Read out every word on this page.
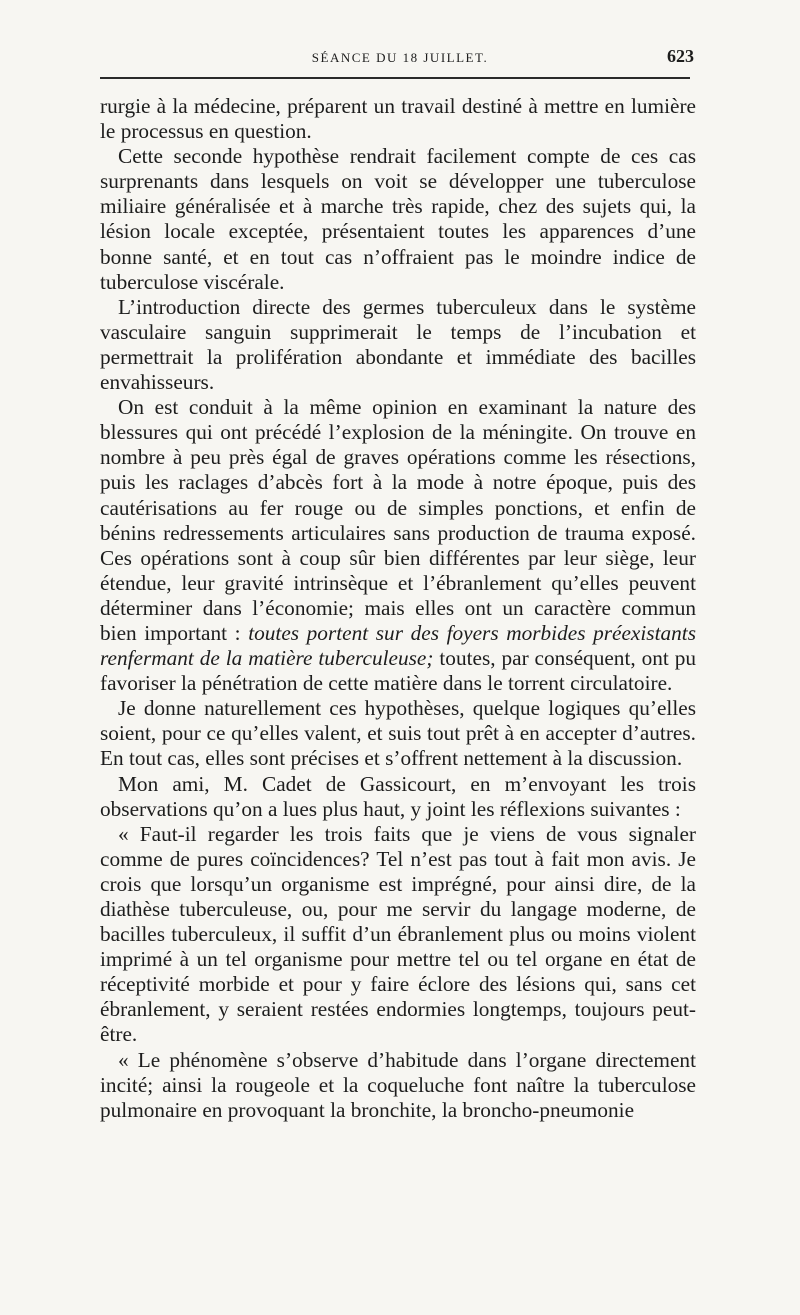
SÉANCE DU 18 JUILLET.	623

rurgie à la médecine, préparent un travail destiné à mettre en lumière le processus en question.

Cette seconde hypothèse rendrait facilement compte de ces cas surprenants dans lesquels on voit se développer une tuberculose miliaire généralisée et à marche très rapide, chez des sujets qui, la lésion locale exceptée, présentaient toutes les apparences d’une bonne santé, et en tout cas n’offraient pas le moindre indice de tuberculose viscérale.

L’introduction directe des germes tuberculeux dans le système vasculaire sanguin supprimerait le temps de l’incubation et permettrait la prolifération abondante et immédiate des bacilles envahisseurs.

On est conduit à la même opinion en examinant la nature des blessures qui ont précédé l’explosion de la méningite. On trouve en nombre à peu près égal de graves opérations comme les résections, puis les raclages d’abcès fort à la mode à notre époque, puis des cautérisations au fer rouge ou de simples ponctions, et enfin de bénins redressements articulaires sans production de trauma exposé. Ces opérations sont à coup sûr bien différentes par leur siège, leur étendue, leur gravité intrinsèque et l’ébranlement qu’elles peuvent déterminer dans l’économie; mais elles ont un caractère commun bien important : toutes portent sur des foyers morbides préexistants renfermant de la matière tuberculeuse; toutes, par conséquent, ont pu favoriser la pénétration de cette matière dans le torrent circulatoire.

Je donne naturellement ces hypothèses, quelque logiques qu’elles soient, pour ce qu’elles valent, et suis tout prêt à en accepter d’autres. En tout cas, elles sont précises et s’offrent nettement à la discussion.

Mon ami, M. Cadet de Gassicourt, en m’envoyant les trois observations qu’on a lues plus haut, y joint les réflexions suivantes :

« Faut-il regarder les trois faits que je viens de vous signaler comme de pures coïncidences? Tel n’est pas tout à fait mon avis. Je crois que lorsqu’un organisme est imprégné, pour ainsi dire, de la diathèse tuberculeuse, ou, pour me servir du langage moderne, de bacilles tuberculeux, il suffit d’un ébranlement plus ou moins violent imprimé à un tel organisme pour mettre tel ou tel organe en état de réceptivité morbide et pour y faire éclore des lésions qui, sans cet ébranlement, y seraient restées endormies longtemps, toujours peut-être.

« Le phénomène s’observe d’habitude dans l’organe directement incité; ainsi la rougeole et la coqueluche font naître la tuberculose pulmonaire en provoquant la bronchite, la broncho-pneumonie
